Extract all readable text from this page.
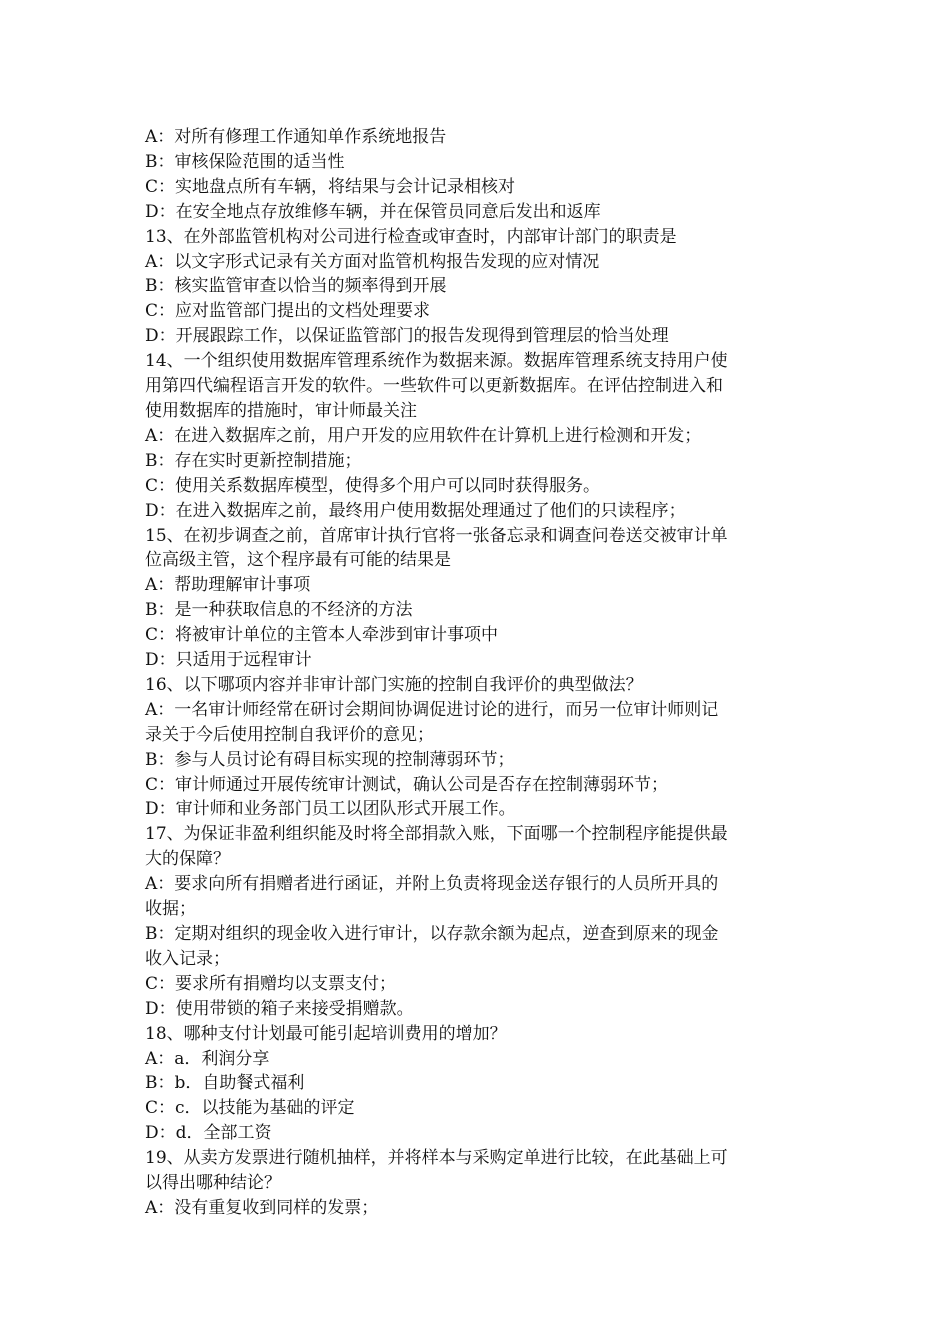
A：对所有修理工作通知单作系统地报告

B：审核保险范围的适当性

C：实地盘点所有车辆，将结果与会计记录相核对

D：在安全地点存放维修车辆，并在保管员同意后发出和返库

13、在外部监管机构对公司进行检查或审查时，内部审计部门的职责是

A：以文字形式记录有关方面对监管机构报告发现的应对情况

B：核实监管审查以恰当的频率得到开展

C：应对监管部门提出的文档处理要求

D：开展跟踪工作，以保证监管部门的报告发现得到管理层的恰当处理

14、一个组织使用数据库管理系统作为数据来源。数据库管理系统支持用户使

用第四代编程语言开发的软件。一些软件可以更新数据库。在评估控制进入和

使用数据库的措施时，审计师最关注

A：在进入数据库之前，用户开发的应用软件在计算机上进行检测和开发；

B：存在实时更新控制措施；

C：使用关系数据库模型，使得多个用户可以同时获得服务。

D：在进入数据库之前，最终用户使用数据处理通过了他们的只读程序；

15、在初步调查之前，首席审计执行官将一张备忘录和调查问卷送交被审计单

位高级主管，这个程序最有可能的结果是

A：帮助理解审计事项

B：是一种获取信息的不经济的方法

C：将被审计单位的主管本人牵涉到审计事项中

D：只适用于远程审计

16、以下哪项内容并非审计部门实施的控制自我评价的典型做法？

A：一名审计师经常在研讨会期间协调促进讨论的进行，而另一位审计师则记

录关于今后使用控制自我评价的意见；

B：参与人员讨论有碍目标实现的控制薄弱环节；

C：审计师通过开展传统审计测试，确认公司是否存在控制薄弱环节；

D：审计师和业务部门员工以团队形式开展工作。

17、为保证非盈利组织能及时将全部捐款入账，下面哪一个控制程序能提供最

大的保障？

A：要求向所有捐赠者进行函证，并附上负责将现金送存银行的人员所开具的

收据；

B：定期对组织的现金收入进行审计，以存款余额为起点，逆查到原来的现金

收入记录；

C：要求所有捐赠均以支票支付；

D：使用带锁的箱子来接受捐赠款。

18、哪种支付计划最可能引起培训费用的增加？

A：a．利润分享

B：b．自助餐式福利

C：c．以技能为基础的评定

D：d．全部工资

19、从卖方发票进行随机抽样，并将样本与采购定单进行比较，在此基础上可

以得出哪种结论？

A：没有重复收到同样的发票；
